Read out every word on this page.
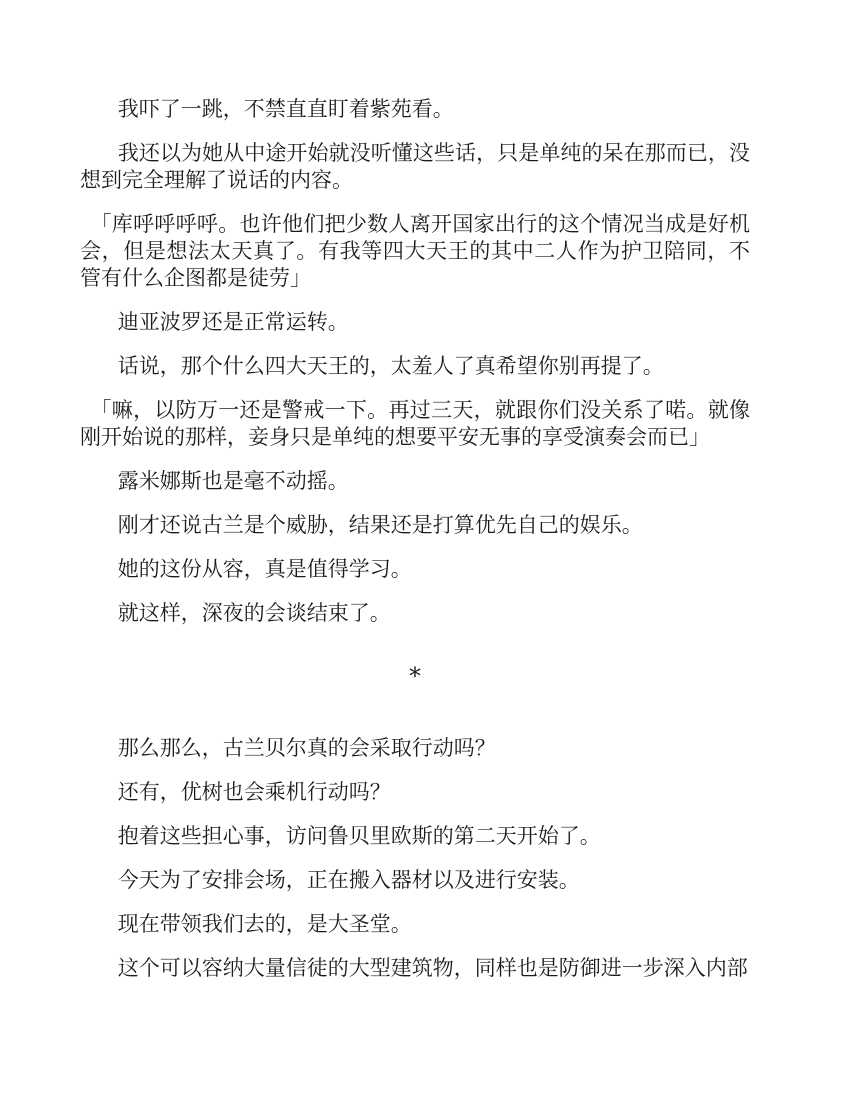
我吓了一跳，不禁直直盯着紫苑看。

我还以为她从中途开始就没听懂这些话，只是单纯的呆在那而已，没想到完全理解了说话的内容。

「库呼呼呼呼。也许他们把少数人离开国家出行的这个情况当成是好机会，但是想法太天真了。有我等四大天王的其中二人作为护卫陪同，不管有什么企图都是徒劳」

迪亚波罗还是正常运转。

话说，那个什么四大天王的，太羞人了真希望你别再提了。

「嘛，以防万一还是警戒一下。再过三天，就跟你们没关系了喏。就像刚开始说的那样，妾身只是单纯的想要平安无事的享受演奏会而已」

露米娜斯也是毫不动摇。

刚才还说古兰是个威胁，结果还是打算优先自己的娱乐。

她的这份从容，真是值得学习。

就这样，深夜的会谈结束了。

*

那么那么，古兰贝尔真的会采取行动吗？

还有，优树也会乘机行动吗？

抱着这些担心事，访问鲁贝里欧斯的第二天开始了。

今天为了安排会场，正在搬入器材以及进行安装。

现在带领我们去的，是大圣堂。

这个可以容纳大量信徒的大型建筑物，同样也是防御进一步深入内部
